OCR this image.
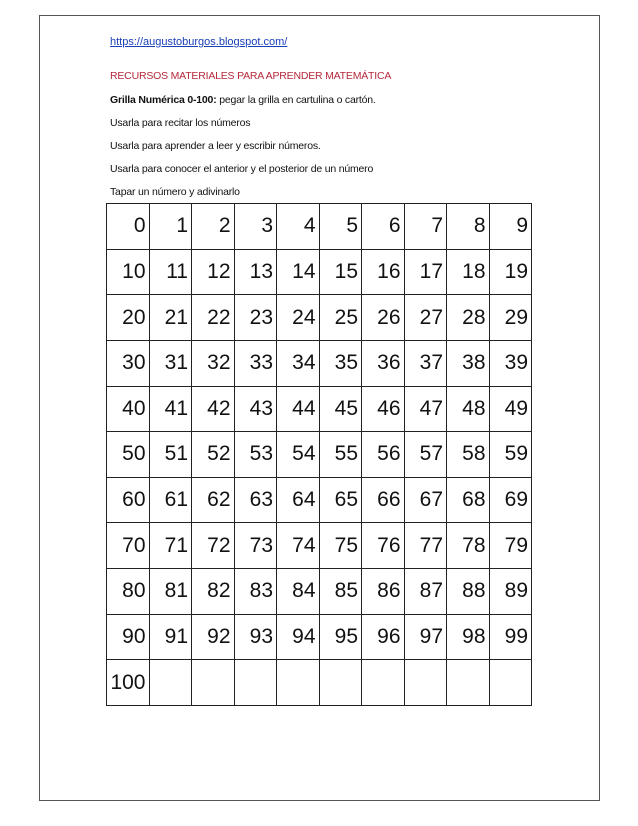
https://augustoburgos.blogspot.com/
RECURSOS MATERIALES PARA APRENDER MATEMÁTICA
Grilla Numérica 0-100: pegar la grilla en cartulina o cartón.
Usarla para recitar los números
Usarla para aprender a leer y escribir números.
Usarla para conocer el anterior y el posterior de un número
Tapar un número y adivinarlo
0	1	2	3	4	5	6	7	8	9
10	11	12	13	14	15	16	17	18	19
20	21	22	23	24	25	26	27	28	29
30	31	32	33	34	35	36	37	38	39
40	41	42	43	44	45	46	47	48	49
50	51	52	53	54	55	56	57	58	59
60	61	62	63	64	65	66	67	68	69
70	71	72	73	74	75	76	77	78	79
80	81	82	83	84	85	86	87	88	89
90	91	92	93	94	95	96	97	98	99
100									
